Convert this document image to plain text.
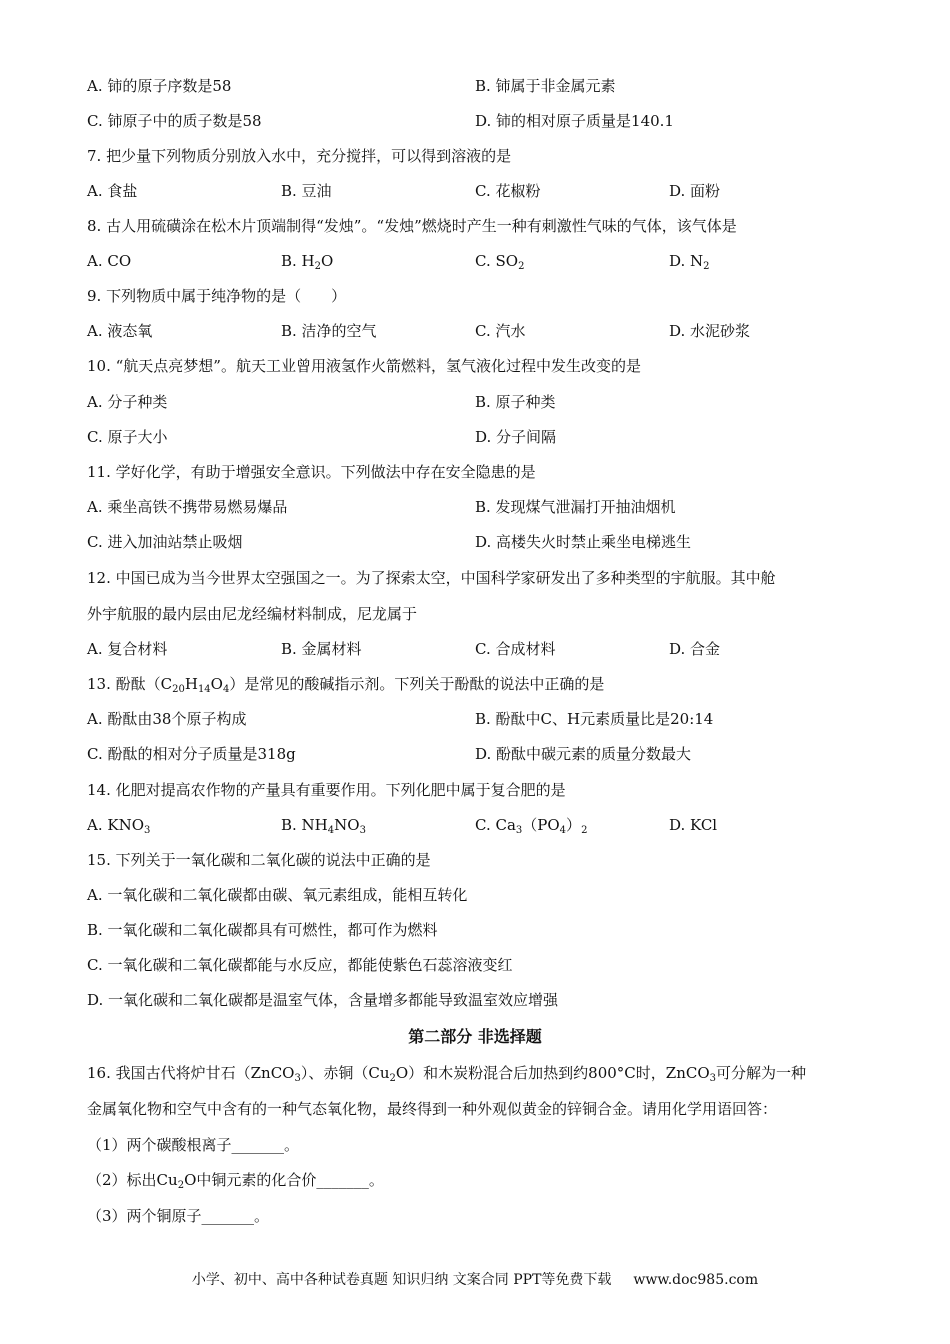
A. 铈的原子序数是58	B. 铈属于非金属元素
C. 铈原子中的质子数是58	D. 铈的相对原子质量是140.1
7. 把少量下列物质分别放入水中，充分搅拌，可以得到溶液的是
A. 食盐	B. 豆油	C. 花椒粉	D. 面粉
8. 古人用硫磺涂在松木片顶端制得“发烛”。“发烛”燃烧时产生一种有刺激性气味的气体，该气体是
A. CO	B. $H_2O$	C. $SO_2$	D. $N_2$
9. 下列物质中属于纯净物的是（　　）
A. 液态氧	B. 洁净的空气	C. 汽水	D. 水泥砂浆
10. “航天点亮梦想”。航天工业曾用液氢作火箭燃料，氢气液化过程中发生改变的是
A. 分子种类	B. 原子种类
C. 原子大小	D. 分子间隔
11. 学好化学，有助于增强安全意识。下列做法中存在安全隐患的是
A. 乘坐高铁不携带易燃易爆品	B. 发现煤气泄漏打开抽油烟机
C. 进入加油站禁止吸烟	D. 高楼失火时禁止乘坐电梯逃生
12. 中国已成为当今世界太空强国之一。为了探索太空，中国科学家研发出了多种类型的宇航服。其中舱
外宇航服的最内层由尼龙经编材料制成，尼龙属于
A. 复合材料	B. 金属材料	C. 合成材料	D. 合金
13. 酚酞$(C_{20}H_{14}O_4)$是常见的酸碱指示剂。下列关于酚酞的说法中正确的是
A. 酚酞由38个原子构成	B. 酚酞中C、H元素质量比是20:14
C. 酚酞的相对分子质量是318g	D. 酚酞中碳元素的质量分数最大
14. 化肥对提高农作物的产量具有重要作用。下列化肥中属于复合肥的是
A. $KNO_3$	B. $NH_4NO_3$	C. $Ca_3(PO_4)_2$	D. KCl
15. 下列关于一氧化碳和二氧化碳的说法中正确的是
A. 一氧化碳和二氧化碳都由碳、氧元素组成，能相互转化
B. 一氧化碳和二氧化碳都具有可燃性，都可作为燃料
C. 一氧化碳和二氧化碳都能与水反应，都能使紫色石蕊溶液变红
D. 一氧化碳和二氧化碳都是温室气体，含量增多都能导致温室效应增强
第二部分 非选择题
16. 我国古代将炉甘石（ZnCO$_3$）、赤铜$(Cu_2O)$和木炭粉混合后加热到约800°C时，ZnCO$_3$可分解为一种
金属氧化物和空气中含有的一种气态氧化物，最终得到一种外观似黄金的锌铜合金。请用化学用语回答：
（1）两个碳酸根离子_______。
（2）标出$Cu_2O$中铜元素的化合价_______。
（3）两个铜原子_______。
小学、初中、高中各种试卷真题 知识归纳 文案合同 PPT等免费下载 www.doc985.com
